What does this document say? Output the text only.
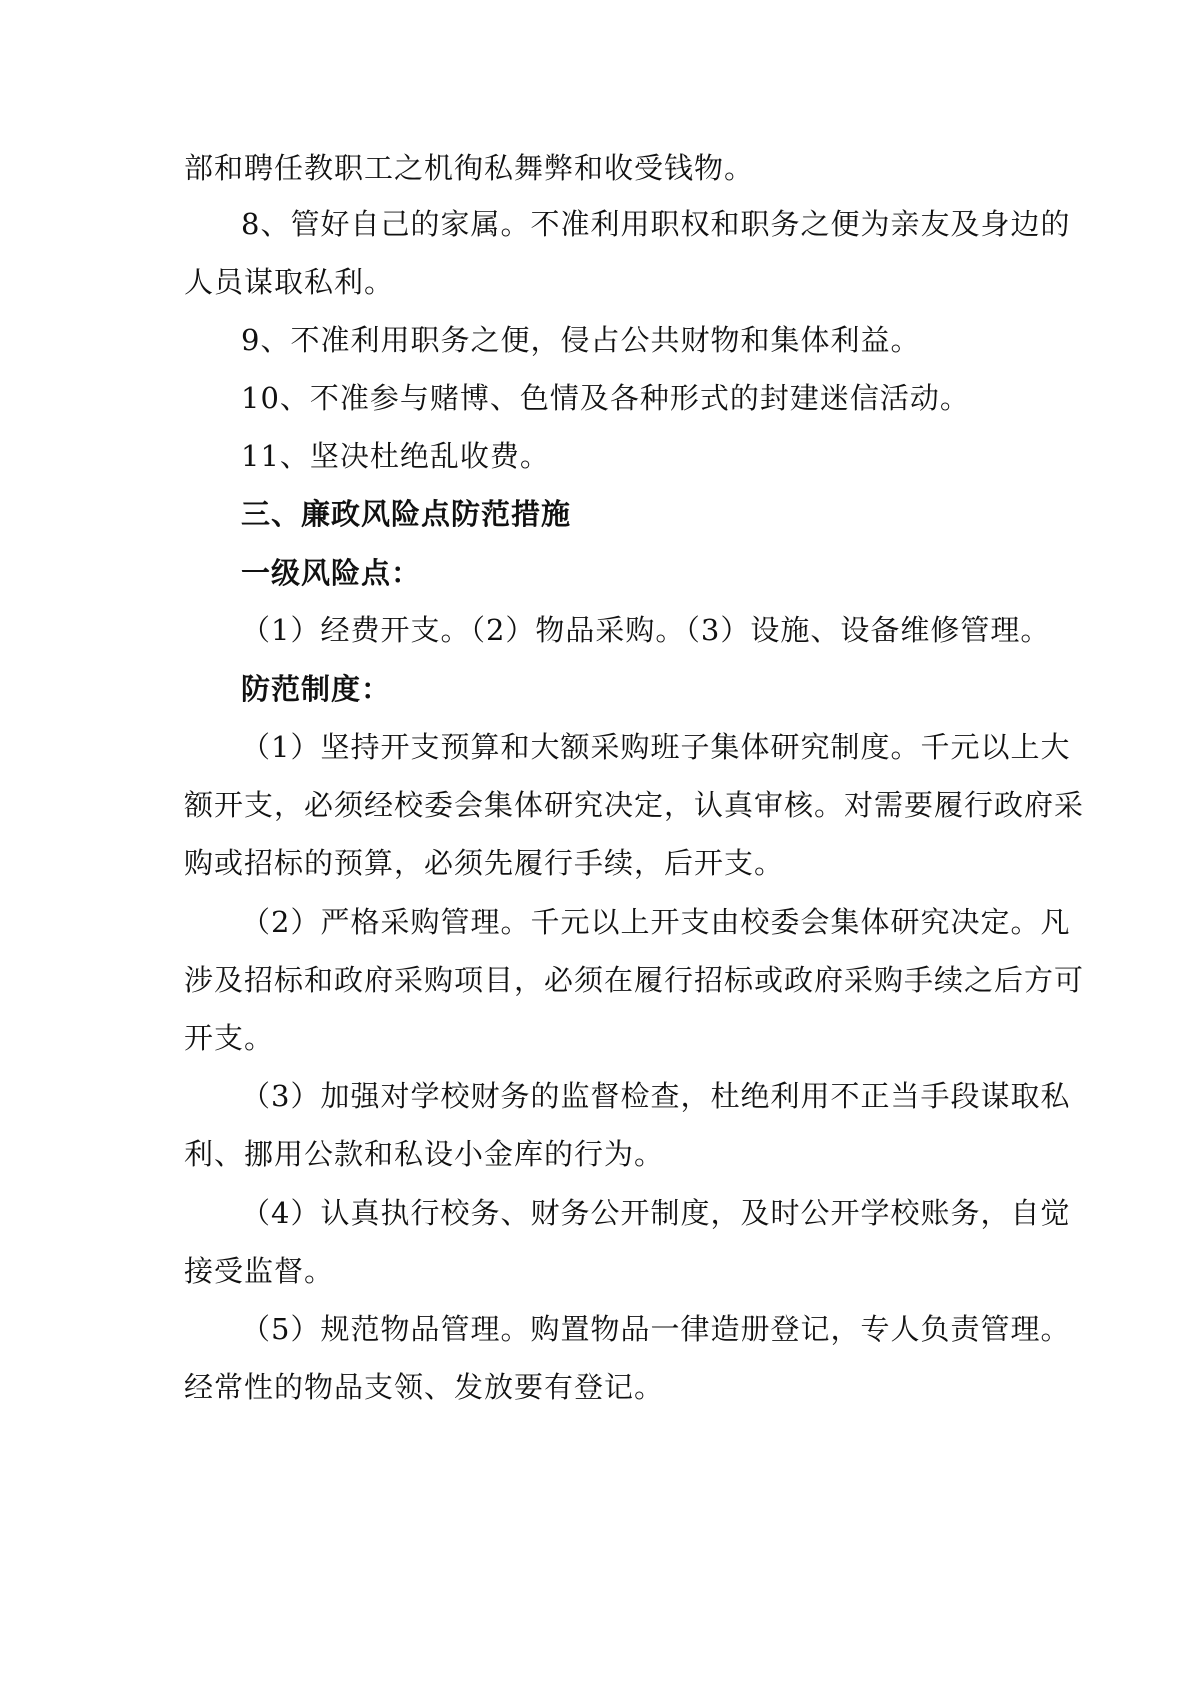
部和聘任教职工之机徇私舞弊和收受钱物。
8、管好自己的家属。不准利用职权和职务之便为亲友及身边的
人员谋取私利。
9、不准利用职务之便，侵占公共财物和集体利益。
10、不准参与赌博、色情及各种形式的封建迷信活动。
11、坚决杜绝乱收费。
三、廉政风险点防范措施
一级风险点：
（1）经费开支。（2）物品采购。（3）设施、设备维修管理。
防范制度：
（1）坚持开支预算和大额采购班子集体研究制度。千元以上大
额开支，必须经校委会集体研究决定，认真审核。对需要履行政府采
购或招标的预算，必须先履行手续，后开支。
（2）严格采购管理。千元以上开支由校委会集体研究决定。凡
涉及招标和政府采购项目，必须在履行招标或政府采购手续之后方可
开支。
（3）加强对学校财务的监督检查，杜绝利用不正当手段谋取私
利、挪用公款和私设小金库的行为。
（4）认真执行校务、财务公开制度，及时公开学校账务，自觉
接受监督。
（5）规范物品管理。购置物品一律造册登记，专人负责管理。
经常性的物品支领、发放要有登记。
